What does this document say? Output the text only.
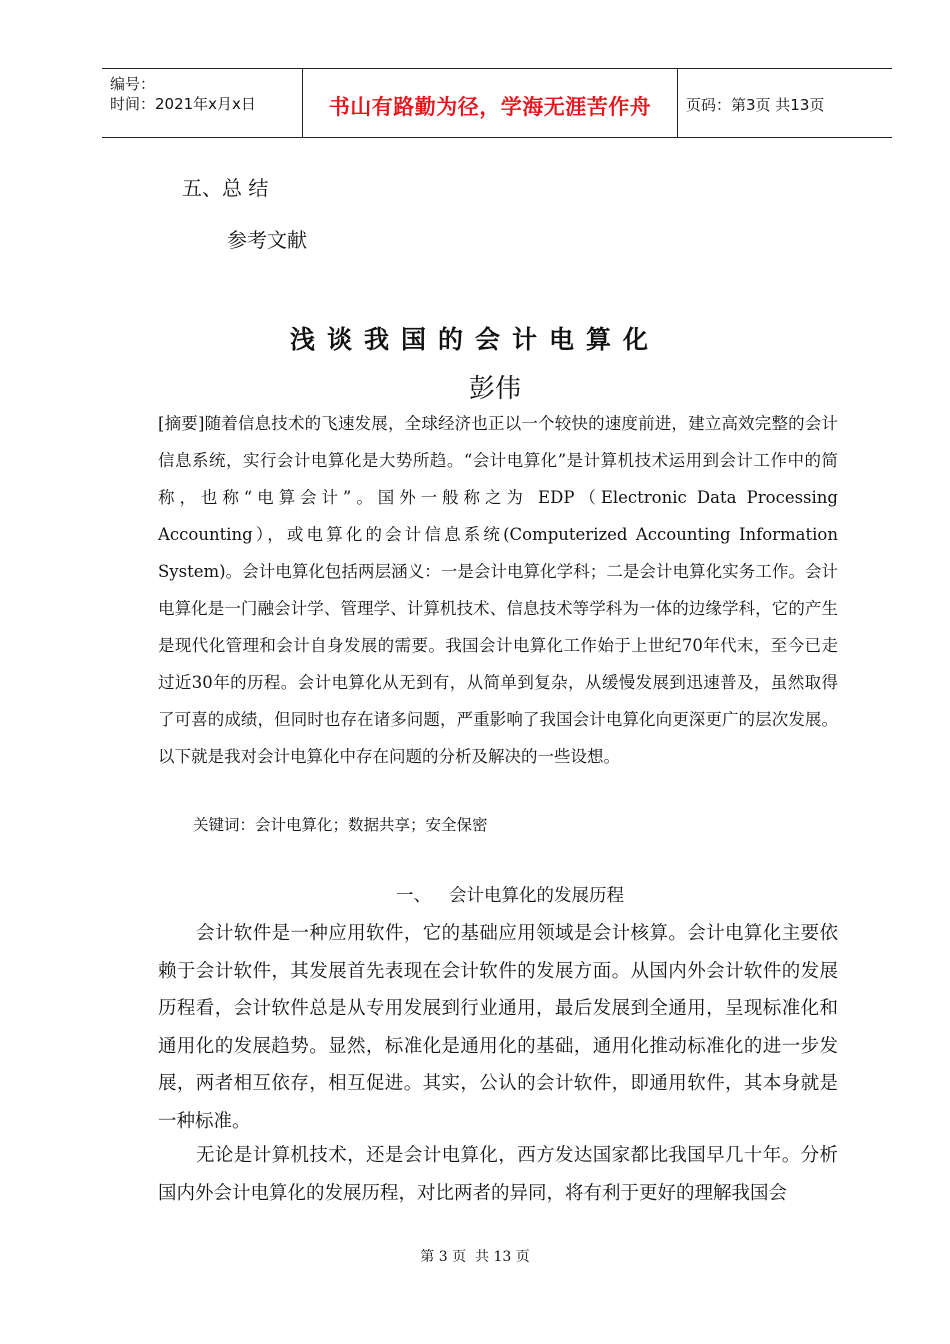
编号：
时间：2021年x月x日	书山有路勤为径，学海无涯苦作舟	页码：第3页 共13页
五、总 结
参考文献
浅谈我国的会计电算化
彭伟
[摘要]随着信息技术的飞速发展，全球经济也正以一个较快的速度前进，建立高效完整的会计信息系统，实行会计电算化是大势所趋。“会计电算化”是计算机技术运用到会计工作中的简称，也称“电算会计”。国外一般称之为 EDP（Electronic Data Processing Accounting），或电算化的会计信息系统(Computerized Accounting Information System)。会计电算化包括两层涵义：一是会计电算化学科；二是会计电算化实务工作。会计电算化是一门融会计学、管理学、计算机技术、信息技术等学科为一体的边缘学科，它的产生是现代化管理和会计自身发展的需要。我国会计电算化工作始于上世纪70年代末，至今已走过近30年的历程。会计电算化从无到有，从简单到复杂，从缓慢发展到迅速普及，虽然取得了可喜的成绩，但同时也存在诸多问题，严重影响了我国会计电算化向更深更广的层次发展。以下就是我对会计电算化中存在问题的分析及解决的一些设想。
关键词：会计电算化；数据共享；安全保密
一、 会计电算化的发展历程
会计软件是一种应用软件，它的基础应用领域是会计核算。会计电算化主要依赖于会计软件，其发展首先表现在会计软件的发展方面。从国内外会计软件的发展历程看，会计软件总是从专用发展到行业通用，最后发展到全通用，呈现标准化和通用化的发展趋势。显然，标准化是通用化的基础，通用化推动标准化的进一步发展，两者相互依存，相互促进。其实，公认的会计软件，即通用软件，其本身就是一种标准。
无论是计算机技术，还是会计电算化，西方发达国家都比我国早几十年。分析国内外会计电算化的发展历程，对比两者的异同，将有利于更好的理解我国会
第 3 页  共 13 页
